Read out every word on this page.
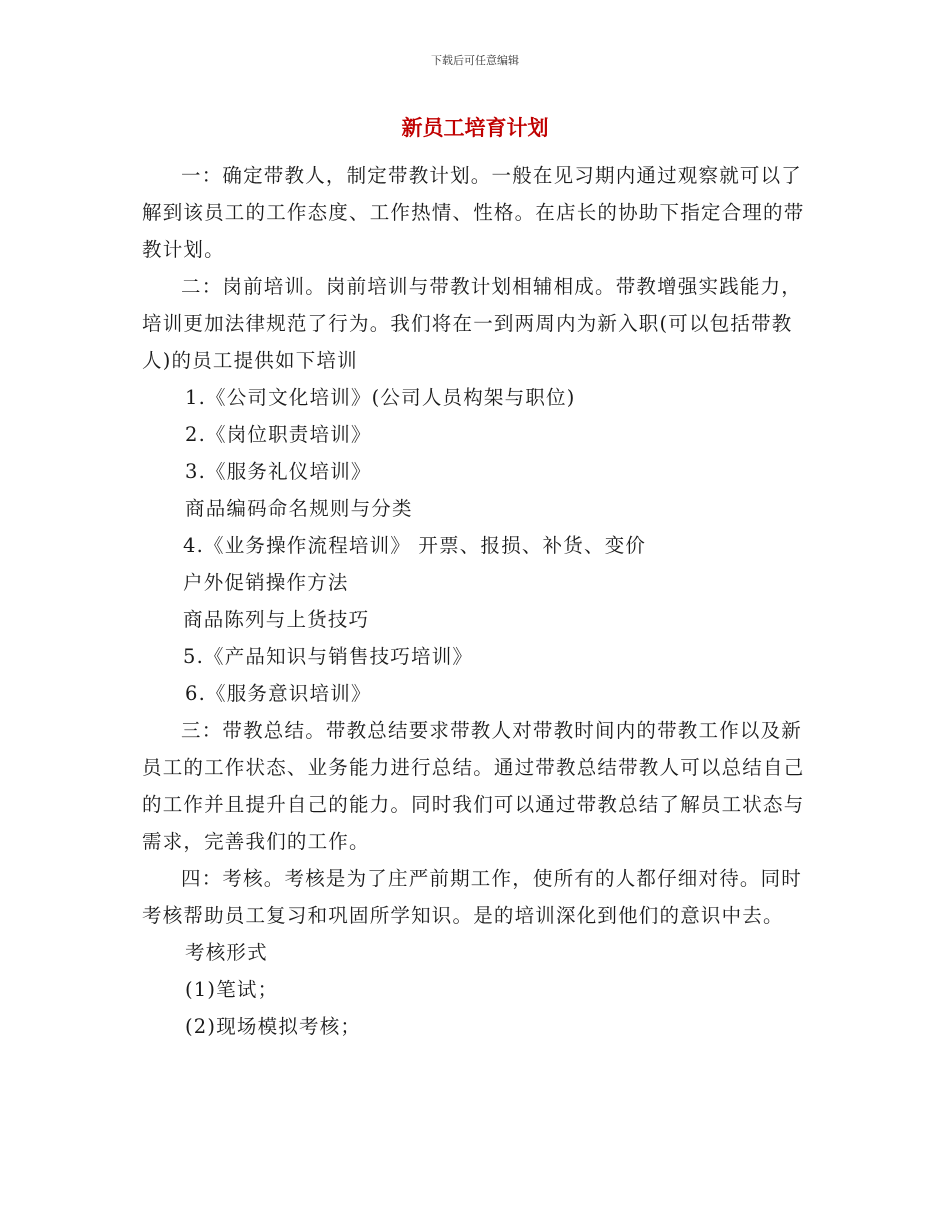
下载后可任意编辑
新员工培育计划

一：确定带教人，制定带教计划。一般在见习期内通过观察就可以了解到该员工的工作态度、工作热情、性格。在店长的协助下指定合理的带教计划。

二：岗前培训。岗前培训与带教计划相辅相成。带教增强实践能力，培训更加法律规范了行为。我们将在一到两周内为新入职(可以包括带教人)的员工提供如下培训

1.《公司文化培训》(公司人员构架与职位)

2.《岗位职责培训》

3.《服务礼仪培训》

商品编码命名规则与分类

4.《业务操作流程培训》 开票、报损、补货、变价

户外促销操作方法

商品陈列与上货技巧

5.《产品知识与销售技巧培训》

6.《服务意识培训》

三：带教总结。带教总结要求带教人对带教时间内的带教工作以及新员工的工作状态、业务能力进行总结。通过带教总结带教人可以总结自己的工作并且提升自己的能力。同时我们可以通过带教总结了解员工状态与需求，完善我们的工作。

四：考核。考核是为了庄严前期工作，使所有的人都仔细对待。同时考核帮助员工复习和巩固所学知识。是的培训深化到他们的意识中去。

考核形式

(1)笔试；

(2)现场模拟考核；
